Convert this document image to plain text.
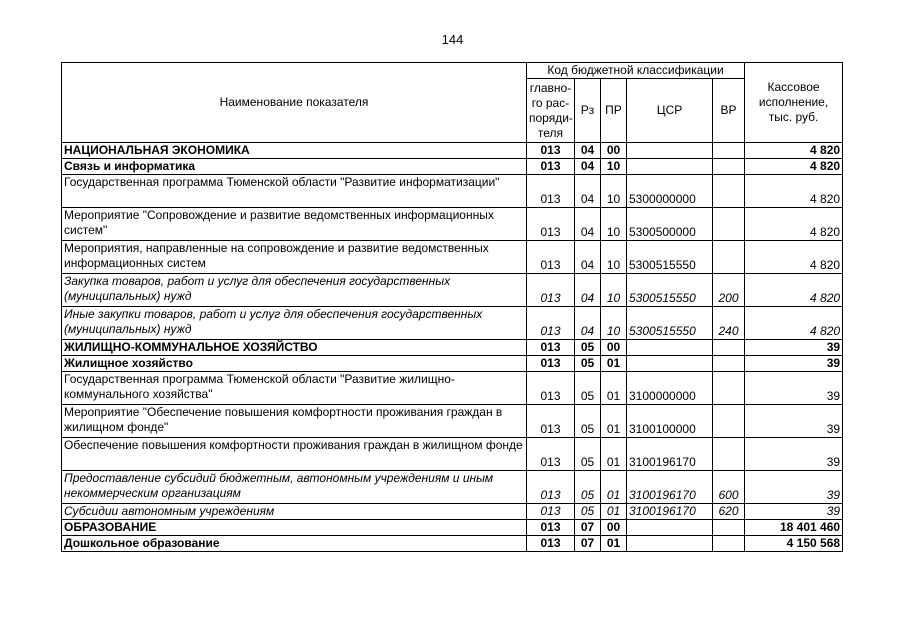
144
Наименование показателя	Код бюджетной классификации					Кассовое исполнение, тыс. руб.
	главно-го рас-поряди-теля	Рз	ПР	ЦСР	ВР	
НАЦИОНАЛЬНАЯ ЭКОНОМИКА	013	04	00			4 820
Связь и информатика	013	04	10			4 820
Государственная программа Тюменской области "Развитие информатизации"	013	04	10	5300000000		4 820
Мероприятие "Сопровождение и развитие ведомственных информационных систем"	013	04	10	5300500000		4 820
Мероприятия, направленные на сопровождение и развитие ведомственных информационных систем	013	04	10	5300515550		4 820
Закупка товаров, работ и услуг для обеспечения государственных (муниципальных) нужд	013	04	10	5300515550	200	4 820
Иные закупки товаров, работ и услуг для обеспечения государственных (муниципальных) нужд	013	04	10	5300515550	240	4 820
ЖИЛИЩНО-КОММУНАЛЬНОЕ ХОЗЯЙСТВО	013	05	00			39
Жилищное хозяйство	013	05	01			39
Государственная программа Тюменской области "Развитие жилищно-коммунального хозяйства"	013	05	01	3100000000		39
Мероприятие "Обеспечение повышения комфортности проживания граждан в жилищном фонде"	013	05	01	3100100000		39
Обеспечение повышения комфортности проживания граждан в жилищном фонде	013	05	01	3100196170		39
Предоставление субсидий бюджетным, автономным учреждениям и иным некоммерческим организациям	013	05	01	3100196170	600	39
Субсидии автономным учреждениям	013	05	01	3100196170	620	39
ОБРАЗОВАНИЕ	013	07	00			18 401 460
Дошкольное образование	013	07	01			4 150 568
